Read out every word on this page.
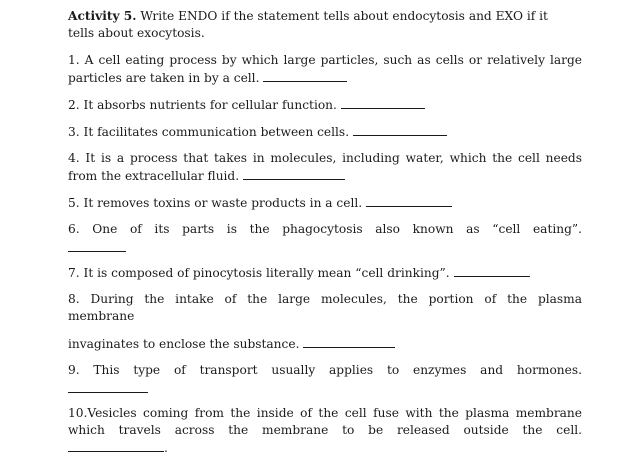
Activity 5. Write ENDO if the statement tells about endocytosis and EXO if it
tells about exocytosis.
1. A cell eating process by which large particles, such as cells or relatively large
particles are taken in by a cell.
2. It absorbs nutrients for cellular function.
3. It facilitates communication between cells.
4. It is a process that takes in molecules, including water, which the cell needs
from the extracellular fluid.
5. It removes toxins or waste products in a cell.
6. One of its parts is the phagocytosis also known as “cell eating”.
7. It is composed of pinocytosis literally mean “cell drinking”.
8. During the intake of the large molecules, the portion of the plasma
membrane
invaginates to enclose the substance.
9. This type of transport usually applies to enzymes and hormones.
10.Vesicles coming from the inside of the cell fuse with the plasma membrane
which travels across the membrane to be released outside the cell.
.
